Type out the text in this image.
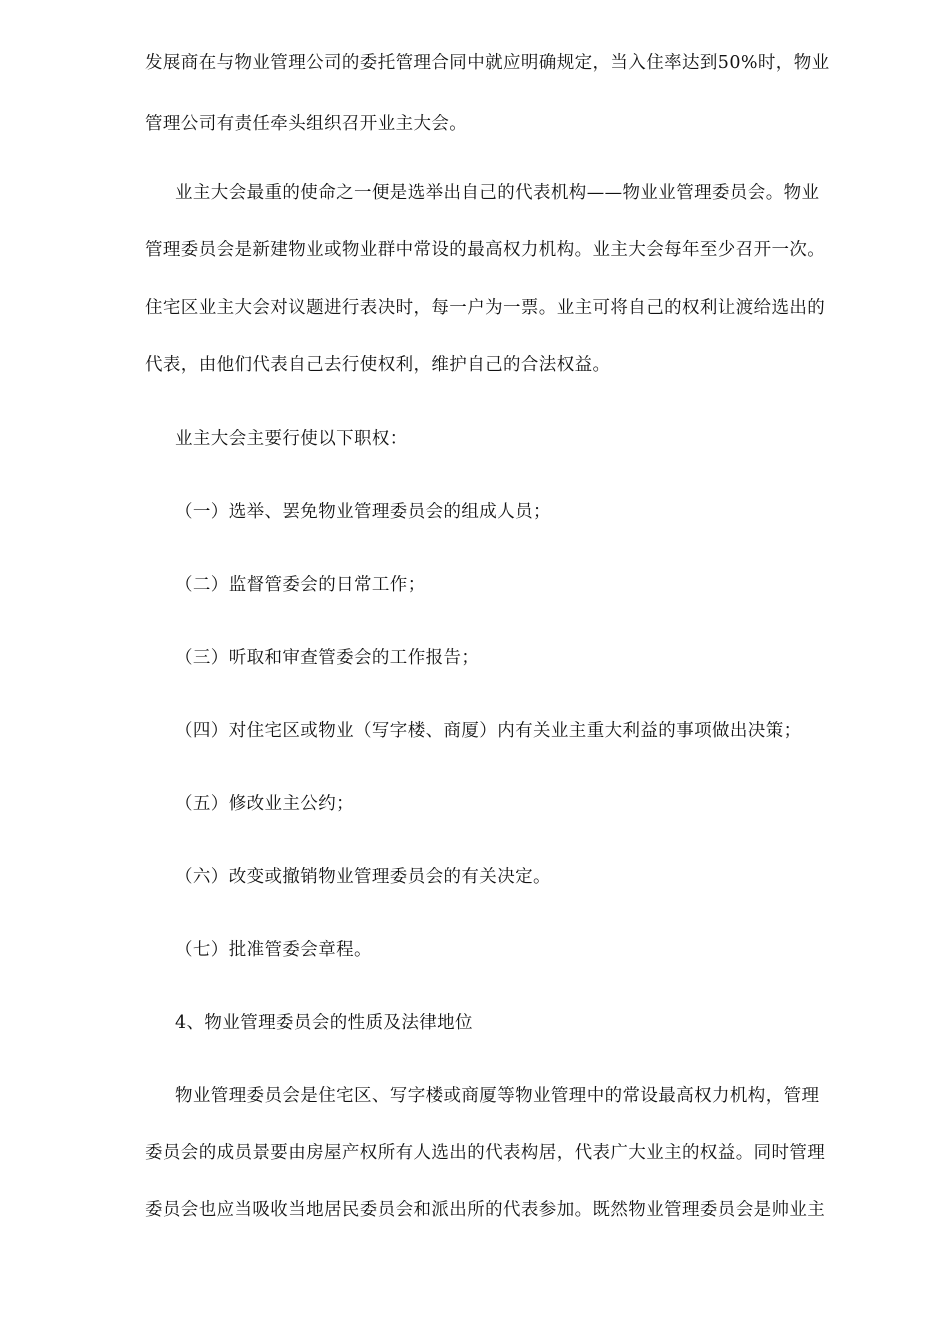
发展商在与物业管理公司的委托管理合同中就应明确规定，当入住率达到50%时，物业
管理公司有责任牵头组织召开业主大会。
业主大会最重的使命之一便是选举出自己的代表机构——物业业管理委员会。物业
管理委员会是新建物业或物业群中常设的最高权力机构。业主大会每年至少召开一次。
住宅区业主大会对议题进行表决时，每一户为一票。业主可将自己的权利让渡给选出的
代表，由他们代表自己去行使权利，维护自己的合法权益。
业主大会主要行使以下职权：
（一）选举、罢免物业管理委员会的组成人员；
（二）监督管委会的日常工作；
（三）听取和审查管委会的工作报告；
（四）对住宅区或物业（写字楼、商厦）内有关业主重大利益的事项做出决策；
（五）修改业主公约；
（六）改变或撤销物业管理委员会的有关决定。
（七）批准管委会章程。
4、物业管理委员会的性质及法律地位
物业管理委员会是住宅区、写字楼或商厦等物业管理中的常设最高权力机构，管理
委员会的成员景要由房屋产权所有人选出的代表构居，代表广大业主的权益。同时管理
委员会也应当吸收当地居民委员会和派出所的代表参加。既然物业管理委员会是帅业主
